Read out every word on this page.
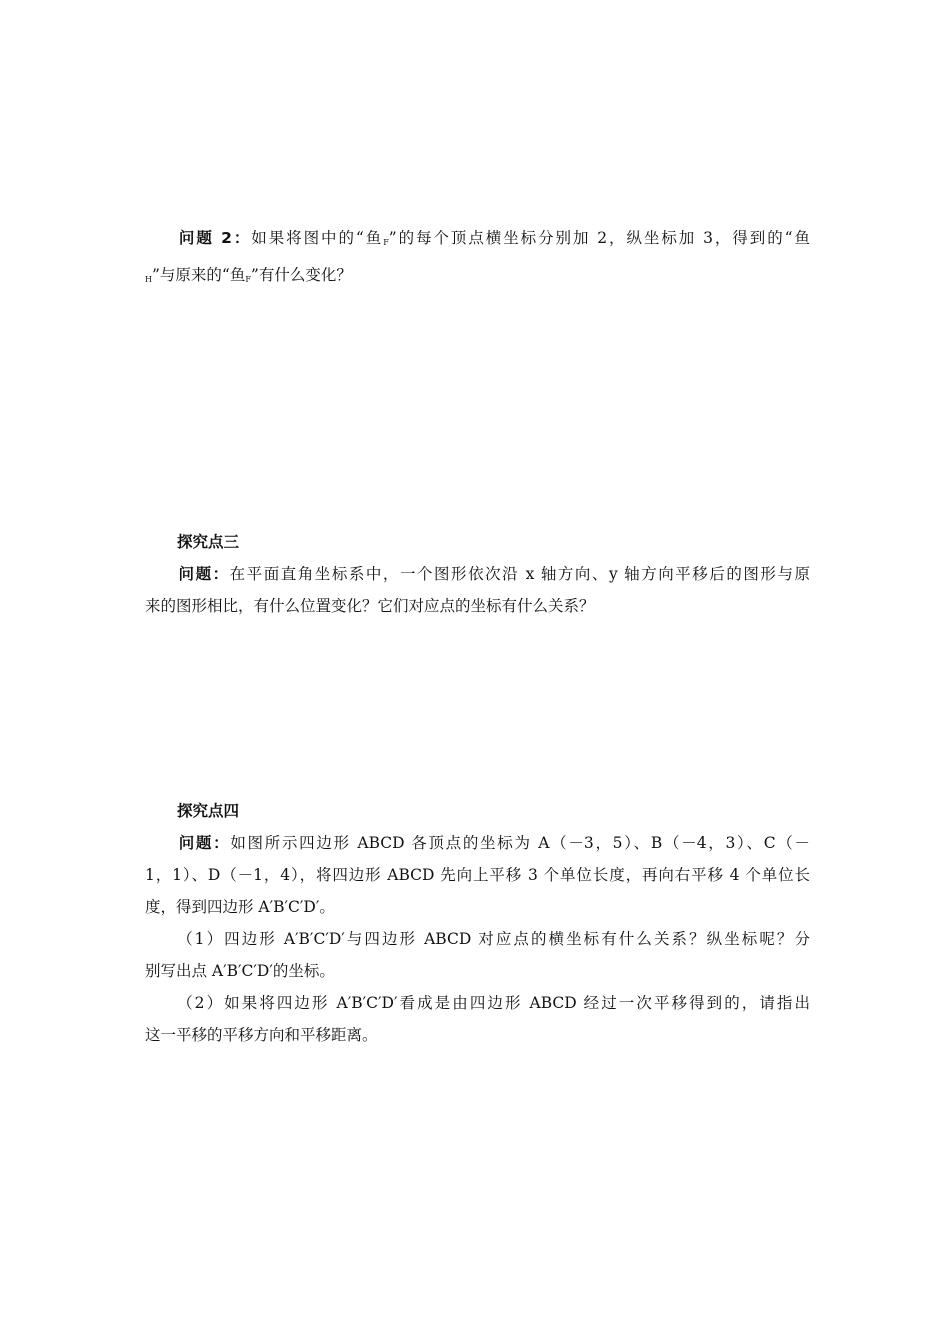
问题 2：如果将图中的“鱼$_F$”的每个顶点横坐标分别加 2，纵坐标加 3，得到的“鱼
$_H$”与原来的“鱼$_F$”有什么变化？
探究点三
问题：在平面直角坐标系中，一个图形依次沿 x 轴方向、y 轴方向平移后的图形与原
来的图形相比，有什么位置变化？它们对应点的坐标有什么关系？
探究点四
问题：如图所示四边形 ABCD 各顶点的坐标为 A（－3，5）、B（－4，3）、C（－
1，1）、D（－1，4），将四边形 ABCD 先向上平移 3 个单位长度，再向右平移 4 个单位长
度，得到四边形 A′B′C′D′。
（1）四边形 A′B′C′D′与四边形 ABCD 对应点的横坐标有什么关系？纵坐标呢？分
别写出点 A′B′C′D′的坐标。
（2）如果将四边形 A′B′C′D′看成是由四边形 ABCD 经过一次平移得到的，请指出
这一平移的平移方向和平移距离。
